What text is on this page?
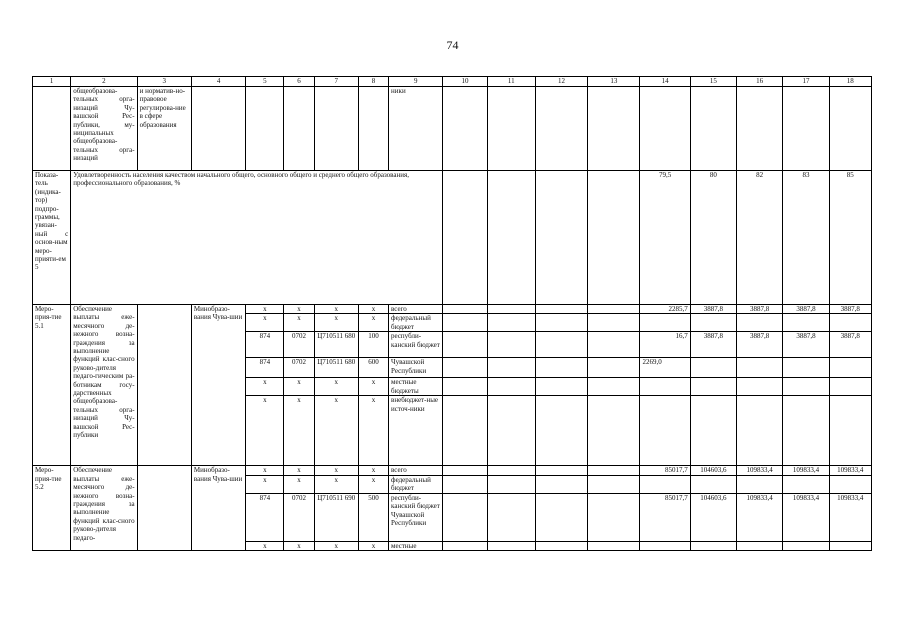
74
1	2	3	4	5	6	7	8	9	10	11	12	13	14	15	16	17	18
	общеобразова-тельных орга-низаций Чу-вашской Рес-публики, му-ниципальных общеобразова-тельных орга-низаций	и норматив-но-правовое регулирова-ние в сфере образования						ники									
Показа-тель (индика-тор) подпро-граммы, увязан-ный с основ-ным меро-прияти-ем 5	Удовлетворенность населения качеством начального общего, основного общего и среднего общего образования, профессионального образования, %												79,5	80	82	83	85
Меро-прия-тие 5.1	Обеспечение выплаты еже-месячного де-нежного возна-граждения за выполнение функций клас-сного руково-дителя педаго-гическим ра-ботникам госу-дарственных общеобразова-тельных орга-низаций Чу-вашской Рес-публики		Минобразо-вания Чува-шии	х	х	х	х	всего					2285,7	3887,8	3887,8	3887,8	3887,8
				х	х	х	х	федеральный бюджет									
				874	0702	Ц710511 680	100	республи-канский бюджет					16,7	3887,8	3887,8	3887,8	3887,8
				874	0702	Ц710511 680	600	Чувашской Республики					2269,0				
				х	х	х	х	местные бюджеты									
				х	х	х	х	внебюджет-ные источ-ники									
Меро-прия-тие 5.2	Обеспечение выплаты еже-месячного де-нежного возна-граждения за выполнение функций клас-сного руково-дителя педаго-		Минобразо-вания Чува-шии	х	х	х	х	всего					85017,7	104603,6	109833,4	109833,4	109833,4
				х	х	х	х	федеральный бюджет									
				874	0702	Ц710511 690	500	республи-канский бюджет Чувашской Республики					85017,7	104603,6	109833,4	109833,4	109833,4
				х	х	х	х	местные									
